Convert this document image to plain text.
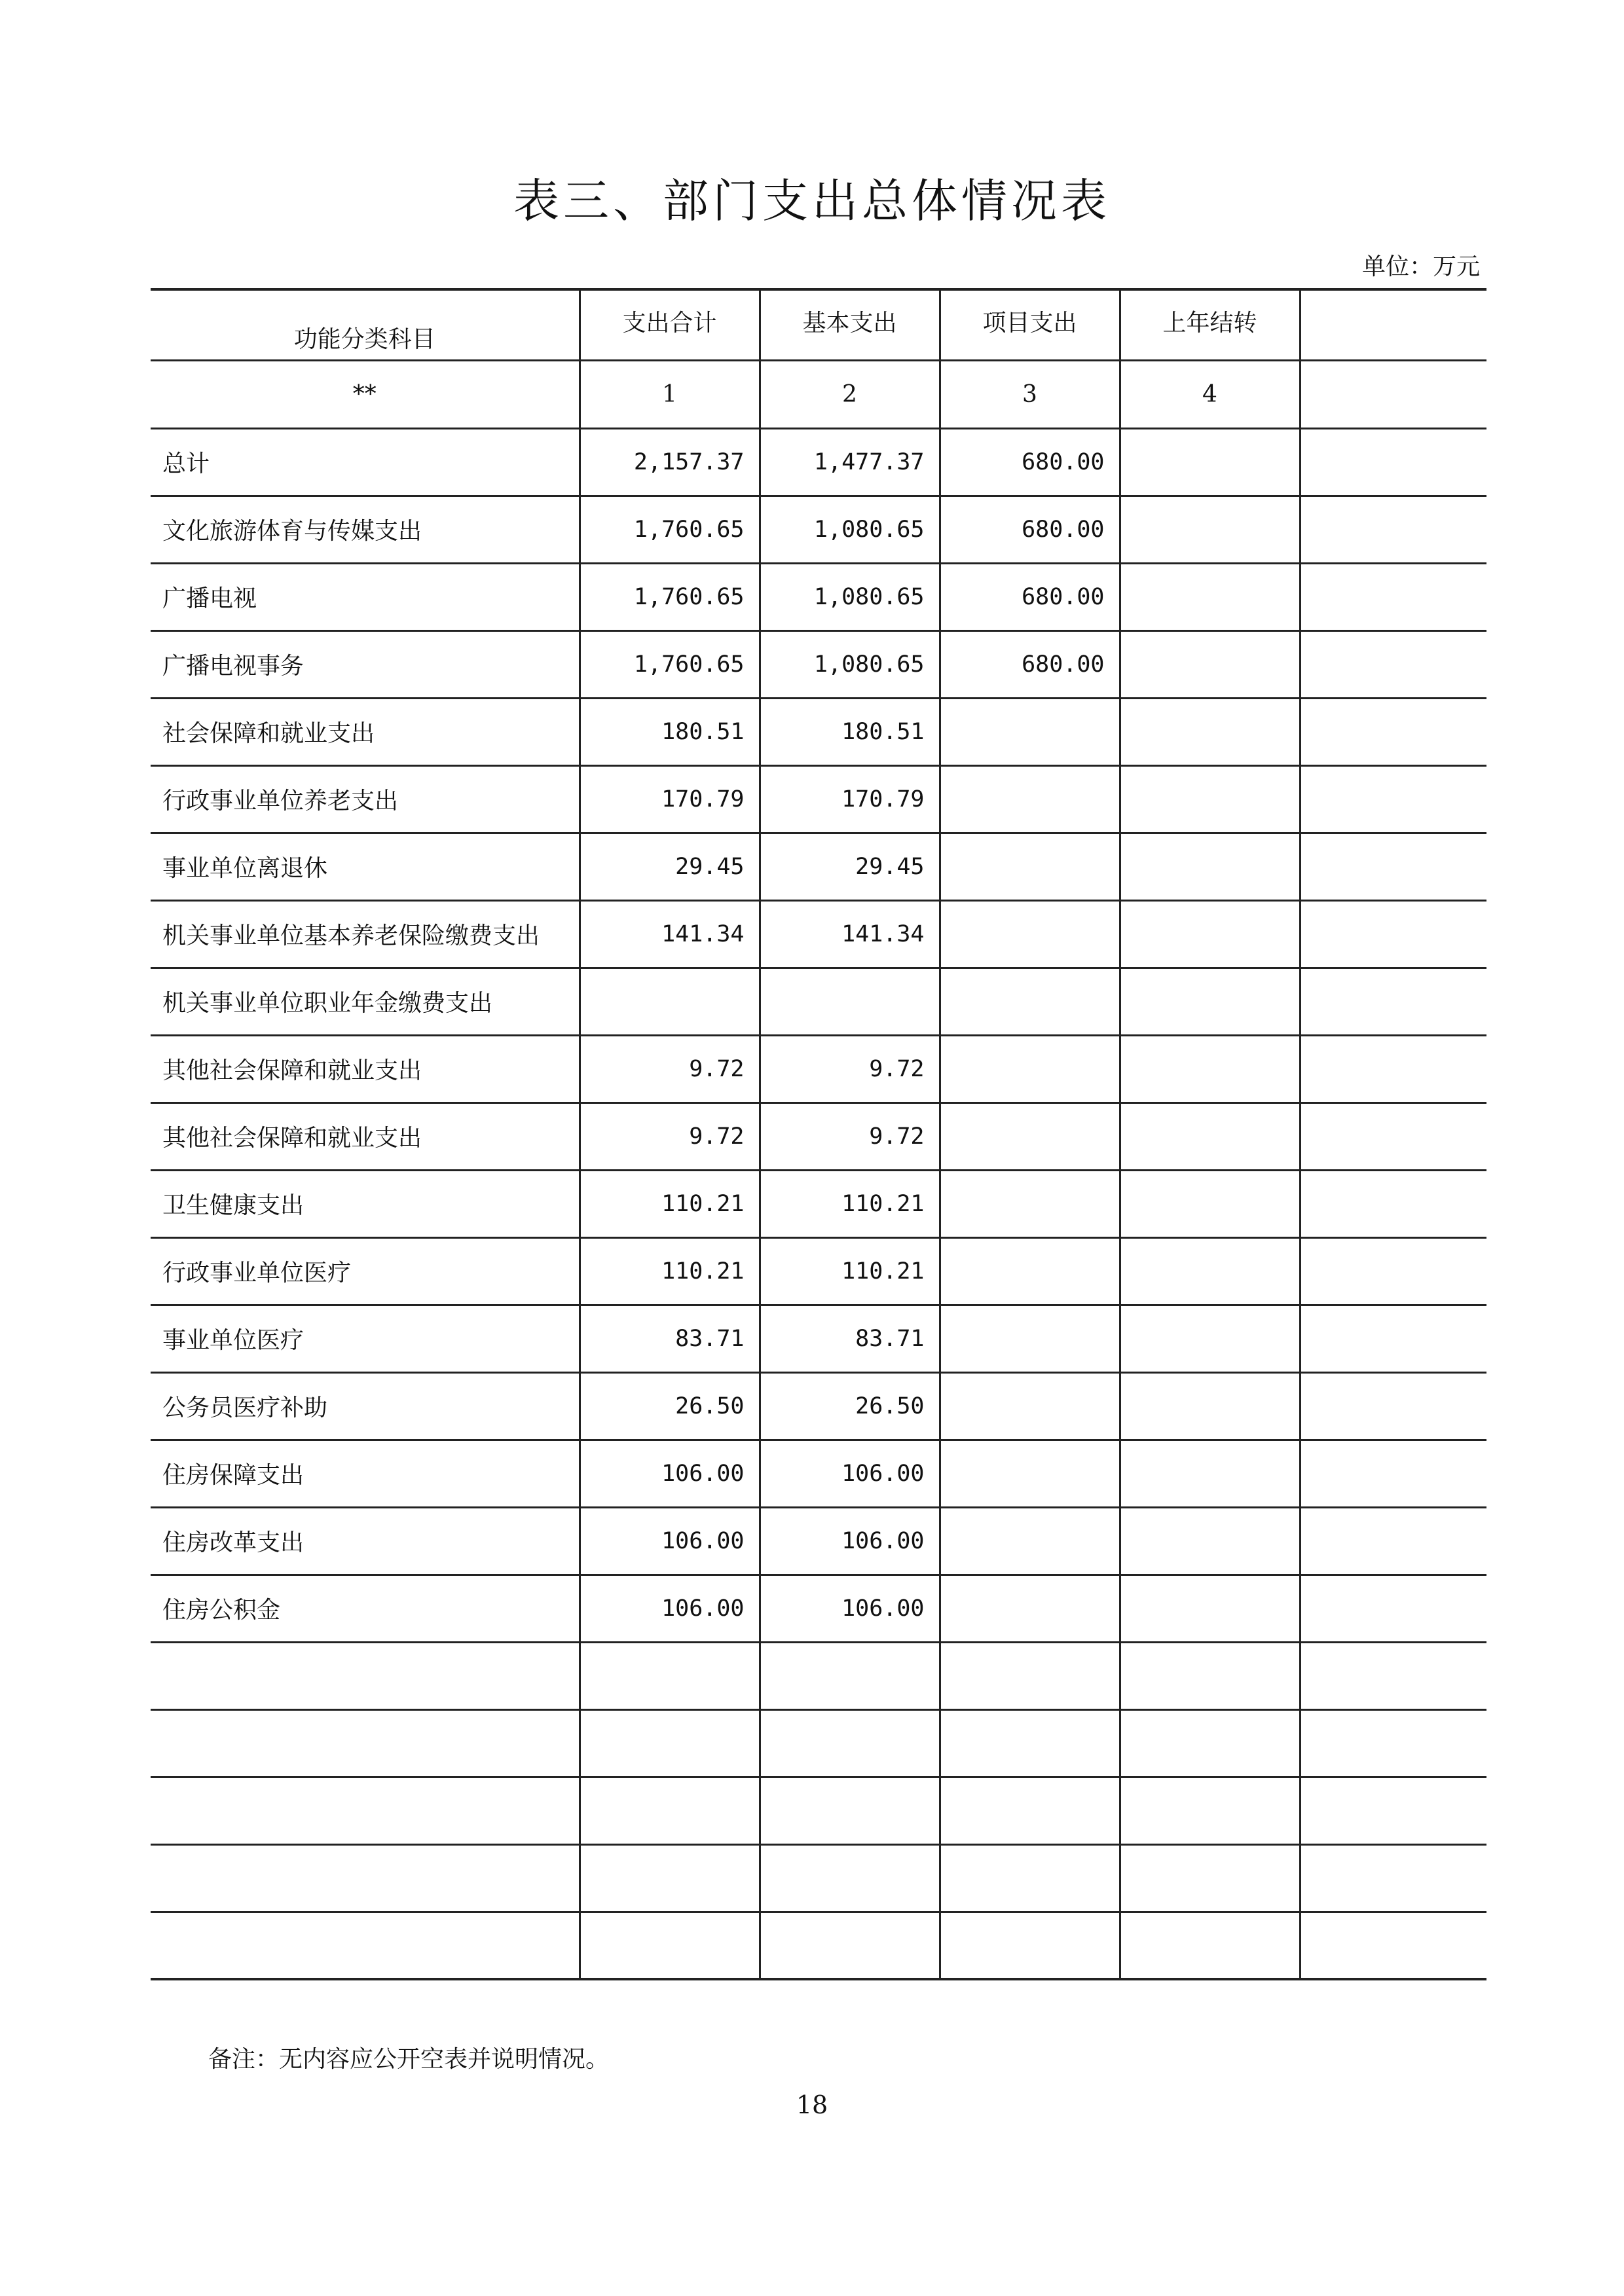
表三、部门支出总体情况表
单位：万元
功能分类科目	支出合计	基本支出	项目支出	上年结转	
**	1	2	3	4	
总计	2,157.37	1,477.37	680.00		
文化旅游体育与传媒支出	1,760.65	1,080.65	680.00		
广播电视	1,760.65	1,080.65	680.00		
广播电视事务	1,760.65	1,080.65	680.00		
社会保障和就业支出	180.51	180.51			
行政事业单位养老支出	170.79	170.79			
事业单位离退休	29.45	29.45			
机关事业单位基本养老保险缴费支出	141.34	141.34			
机关事业单位职业年金缴费支出					
其他社会保障和就业支出	9.72	9.72			
其他社会保障和就业支出	9.72	9.72			
卫生健康支出	110.21	110.21			
行政事业单位医疗	110.21	110.21			
事业单位医疗	83.71	83.71			
公务员医疗补助	26.50	26.50			
住房保障支出	106.00	106.00			
住房改革支出	106.00	106.00			
住房公积金	106.00	106.00			

备注：无内容应公开空表并说明情况。
18
